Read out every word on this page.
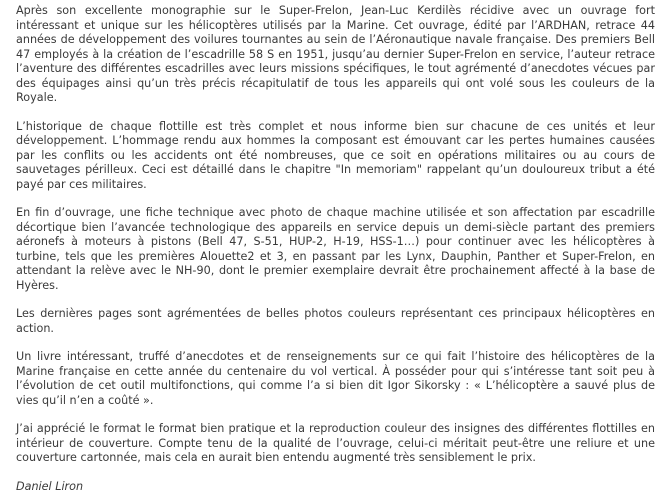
Après son excellente monographie sur le Super-Frelon, Jean-Luc Kerdilès récidive avec un ouvrage fort intéressant et unique sur les hélicoptères utilisés par la Marine. Cet ouvrage, édité par l’ARDHAN, retrace 44 années de développement des voilures tournantes au sein de l’Aéronautique navale française. Des premiers Bell 47 employés à la création de l’escadrille 58 S en 1951, jusqu’au dernier Super-Frelon en service, l’auteur retrace l’aventure des différentes escadrilles avec leurs missions spécifiques, le tout agrémenté d’anecdotes vécues par des équipages ainsi qu’un très précis récapitulatif de tous les appareils qui ont volé sous les couleurs de la Royale.

L’historique de chaque flottille est très complet et nous informe bien sur chacune de ces unités et leur développement. L’hommage rendu aux hommes la composant est émouvant car les pertes humaines causées par les conflits ou les accidents ont été nombreuses, que ce soit en opérations militaires ou au cours de sauvetages périlleux. Ceci est détaillé dans le chapitre "In memoriam" rappelant qu’un douloureux tribut a été payé par ces militaires.

En fin d’ouvrage, une fiche technique avec photo de chaque machine utilisée et son affectation par escadrille décortique bien l’avancée technologique des appareils en service depuis un demi-siècle partant des premiers aéronefs à moteurs à pistons (Bell 47, S-51, HUP-2, H-19, HSS-1…) pour continuer avec les hélicoptères à turbine, tels que les premières Alouette2 et 3, en passant par les Lynx, Dauphin, Panther et Super-Frelon, en attendant la relève avec le NH-90, dont le premier exemplaire devrait être prochainement affecté à la base de Hyères.

Les dernières pages sont agrémentées de belles photos couleurs représentant ces principaux hélicoptères en action.

Un livre intéressant, truffé d’anecdotes et de renseignements sur ce qui fait l’histoire des hélicoptères de la Marine française en cette année du centenaire du vol vertical. À posséder pour qui s’intéresse tant soit peu à l’évolution de cet outil multifonctions, qui comme l’a si bien dit Igor Sikorsky : « L’hélicoptère a sauvé plus de vies qu’il n’en a coûté ».

J’ai apprécié le format le format bien pratique et la reproduction couleur des insignes des différentes flottilles en intérieur de couverture. Compte tenu de la qualité de l’ouvrage, celui-ci méritait peut-être une reliure et une couverture cartonnée, mais cela en aurait bien entendu augmenté très sensiblement le prix.

Daniel Liron
